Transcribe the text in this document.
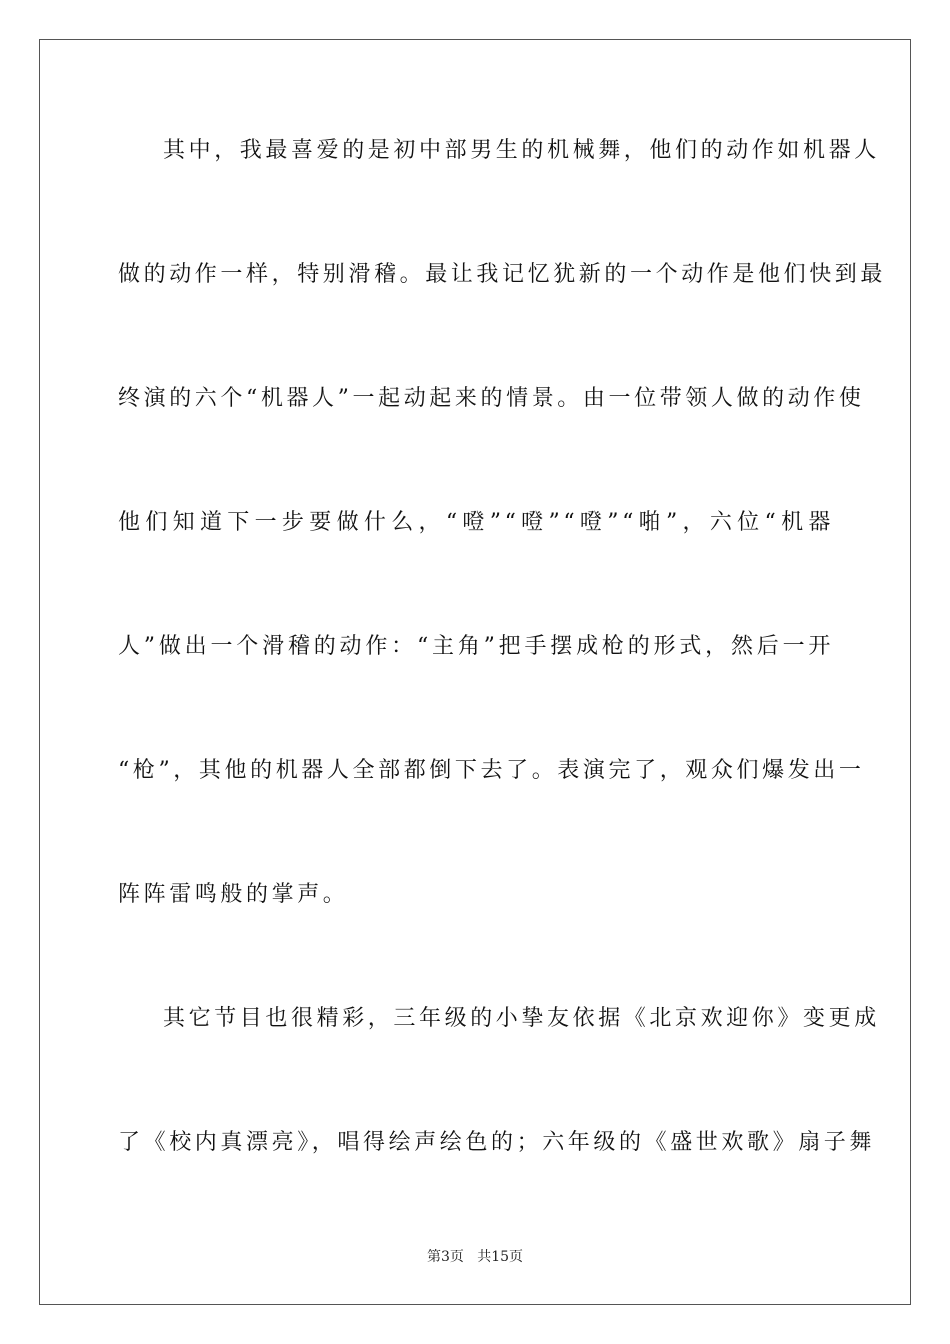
其中，我最喜爱的是初中部男生的机械舞，他们的动作如机器人
做的动作一样，特别滑稽。最让我记忆犹新的一个动作是他们快到最
终演的六个“机器人”一起动起来的情景。由一位带领人做的动作使
他们知道下一步要做什么，“噔”“噔”“噔”“啪”，六位“机器
人”做出一个滑稽的动作：“主角”把手摆成枪的形式，然后一开
“枪”，其他的机器人全部都倒下去了。表演完了，观众们爆发出一
阵阵雷鸣般的掌声。
其它节目也很精彩，三年级的小挚友依据《北京欢迎你》变更成
了《校内真漂亮》，唱得绘声绘色的；六年级的《盛世欢歌》扇子舞
第3页   共15页
